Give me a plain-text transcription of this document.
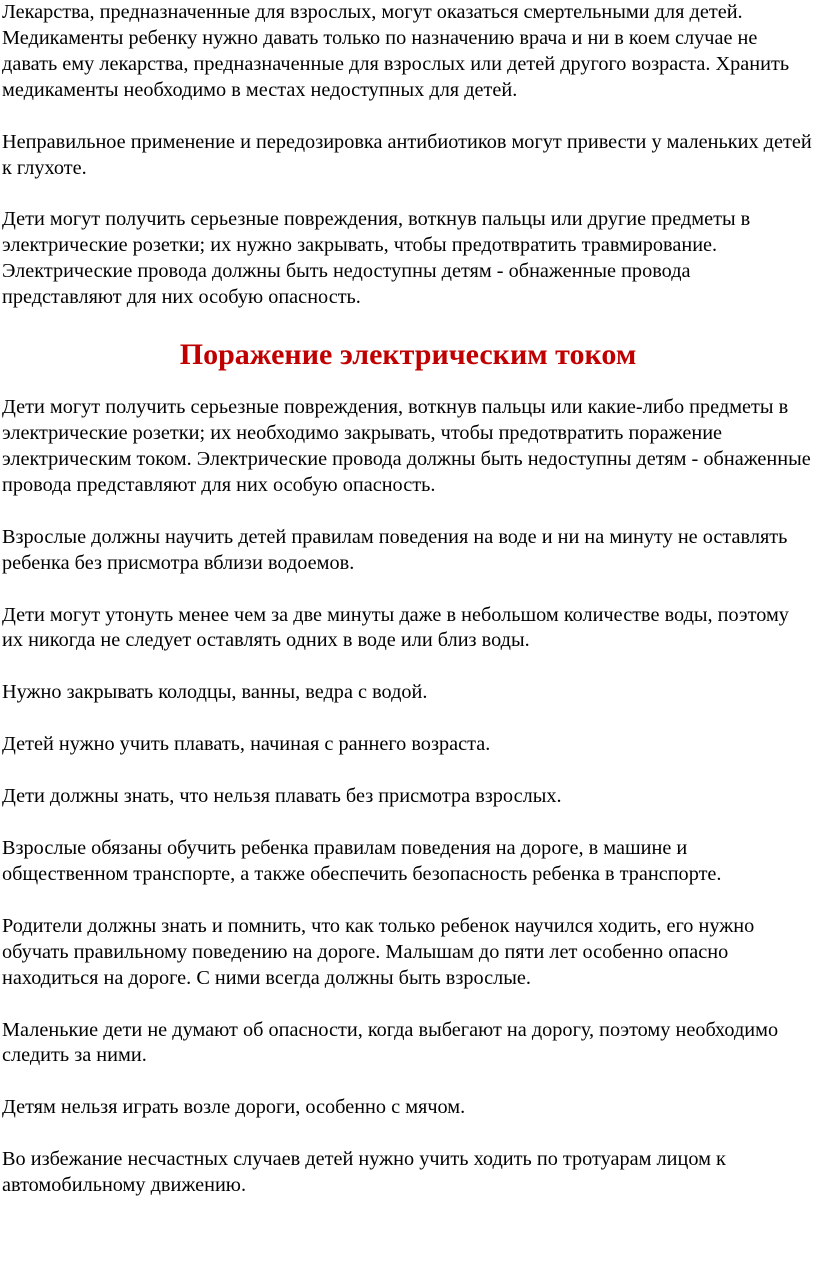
Лекарства, предназначенные для взрослых, могут оказаться смертельными для детей. Медикаменты ребенку нужно давать только по назначению врача и ни в коем случае не давать ему лекарства, предназначенные для взрослых или детей другого возраста. Хранить медикаменты необходимо в местах недоступных для детей.

Неправильное применение и передозировка антибиотиков могут привести у маленьких детей к глухоте.

Дети могут получить серьезные повреждения, воткнув пальцы или другие предметы в электрические розетки; их нужно закрывать, чтобы предотвратить травмирование. Электрические провода должны быть недоступны детям - обнаженные провода представляют для них особую опасность.

Поражение электрическим током

Дети могут получить серьезные повреждения, воткнув пальцы или какие-либо предметы в электрические розетки; их необходимо закрывать, чтобы предотвратить поражение электрическим током. Электрические провода должны быть недоступны детям - обнаженные провода представляют для них особую опасность.

Взрослые должны научить детей правилам поведения на воде и ни на минуту не оставлять ребенка без присмотра вблизи водоемов.

Дети могут утонуть менее чем за две минуты даже в небольшом количестве воды, поэтому их никогда не следует оставлять одних в воде или близ воды.

Нужно закрывать колодцы, ванны, ведра с водой.

Детей нужно учить плавать, начиная с раннего возраста.

Дети должны знать, что нельзя плавать без присмотра взрослых.

Взрослые обязаны обучить ребенка правилам поведения на дороге, в машине и общественном транспорте, а также обеспечить безопасность ребенка в транспорте.

Родители должны знать и помнить, что как только ребенок научился ходить, его нужно обучать правильному поведению на дороге. Малышам до пяти лет особенно опасно находиться на дороге. С ними всегда должны быть взрослые.

Маленькие дети не думают об опасности, когда выбегают на дорогу, поэтому необходимо следить за ними.

Детям нельзя играть возле дороги, особенно с мячом.

Во избежание несчастных случаев детей нужно учить ходить по тротуарам лицом к автомобильному движению.
